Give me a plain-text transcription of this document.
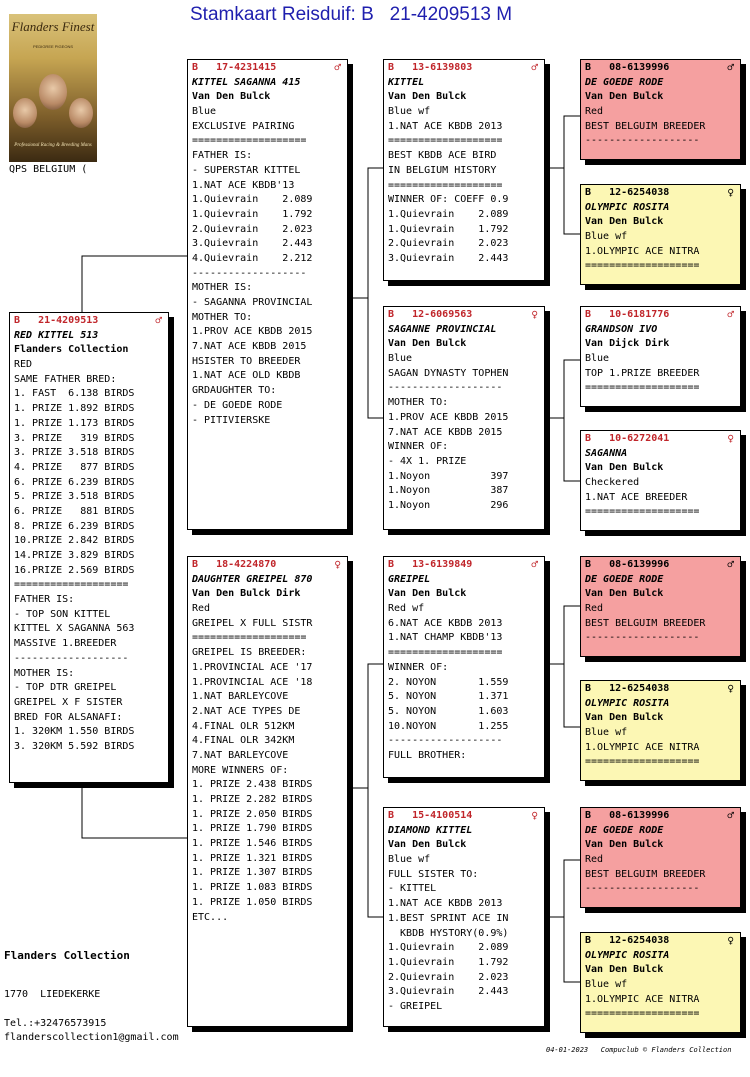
Stamkaart Reisduif: B   21-4209513 M
Flanders Finest
PEDIGREE PIGEONS
Professional Racing & Breeding Mans
QPS BELGIUM (
B   21-4209513	♂
RED KITTEL 513
Flanders Collection
RED
SAME FATHER BRED:
1. FAST  6.138 BIRDS
1. PRIZE 1.892 BIRDS
1. PRIZE 1.173 BIRDS
3. PRIZE   319 BIRDS
3. PRIZE 3.518 BIRDS
4. PRIZE   877 BIRDS
6. PRIZE 6.239 BIRDS
5. PRIZE 3.518 BIRDS
6. PRIZE   881 BIRDS
8. PRIZE 6.239 BIRDS
10.PRIZE 2.842 BIRDS
14.PRIZE 3.829 BIRDS
16.PRIZE 2.569 BIRDS
===================
FATHER IS:
- TOP SON KITTEL
KITTEL X SAGANNA 563
MASSIVE 1.BREEDER
-------------------
MOTHER IS:
- TOP DTR GREIPEL
GREIPEL X F SISTER
BRED FOR ALSANAFI:
1. 320KM 1.550 BIRDS
3. 320KM 5.592 BIRDS
B   17-4231415	♂
KITTEL SAGANNA 415
Van Den Bulck
Blue
EXCLUSIVE PAIRING
===================
FATHER IS:
- SUPERSTAR KITTEL
1.NAT ACE KBDB'13
1.Quievrain    2.089
1.Quievrain    1.792
2.Quievrain    2.023
3.Quievrain    2.443
4.Quievrain    2.212
-------------------
MOTHER IS:
- SAGANNA PROVINCIAL
MOTHER TO:
1.PROV ACE KBDB 2015
7.NAT ACE KBDB 2015
HSISTER TO BREEDER
1.NAT ACE OLD KBDB
GRDAUGHTER TO:
- DE GOEDE RODE
- PITIVIERSKE
B   18-4224870	♀
DAUGHTER GREIPEL 870
Van Den Bulck Dirk
Red
GREIPEL X FULL SISTR
===================
GREIPEL IS BREEDER:
1.PROVINCIAL ACE '17
1.PROVINCIAL ACE '18
1.NAT BARLEYCOVE
2.NAT ACE TYPES DE
4.FINAL OLR 512KM
4.FINAL OLR 342KM
7.NAT BARLEYCOVE
MORE WINNERS OF:
1. PRIZE 2.438 BIRDS
1. PRIZE 2.282 BIRDS
1. PRIZE 2.050 BIRDS
1. PRIZE 1.790 BIRDS
1. PRIZE 1.546 BIRDS
1. PRIZE 1.321 BIRDS
1. PRIZE 1.307 BIRDS
1. PRIZE 1.083 BIRDS
1. PRIZE 1.050 BIRDS
ETC...
B   13-6139803	♂
KITTEL
Van Den Bulck
Blue wf
1.NAT ACE KBDB 2013
===================
BEST KBDB ACE BIRD
IN BELGIUM HISTORY
===================
WINNER OF: COEFF 0.9
1.Quievrain    2.089
1.Quievrain    1.792
2.Quievrain    2.023
3.Quievrain    2.443
B   12-6069563	♀
SAGANNE PROVINCIAL
Van Den Bulck
Blue
SAGAN DYNASTY TOPHEN
-------------------
MOTHER TO:
1.PROV ACE KBDB 2015
7.NAT ACE KBDB 2015
WINNER OF:
- 4X 1. PRIZE
1.Noyon          397
1.Noyon          387
1.Noyon          296
B   13-6139849	♂
GREIPEL
Van Den Bulck
Red wf
6.NAT ACE KBDB 2013
1.NAT CHAMP KBDB'13
===================
WINNER OF:
2. NOYON       1.559
5. NOYON       1.371
5. NOYON       1.603
10.NOYON       1.255
-------------------
FULL BROTHER:
B   15-4100514	♀
DIAMOND KITTEL
Van Den Bulck
Blue wf
FULL SISTER TO:
- KITTEL
1.NAT ACE KBDB 2013
1.BEST SPRINT ACE IN
KBDB HYSTORY(0.9%)
1.Quievrain    2.089
1.Quievrain    1.792
2.Quievrain    2.023
3.Quievrain    2.443
- GREIPEL
B   08-6139996	♂
DE GOEDE RODE
Van Den Bulck
Red
BEST BELGUIM BREEDER
-------------------
B   12-6254038	♀
OLYMPIC ROSITA
Van Den Bulck
Blue wf
1.OLYMPIC ACE NITRA
===================
B   10-6181776	♂
GRANDSON IVO
Van Dijck Dirk
Blue
TOP 1.PRIZE BREEDER
===================
B   10-6272041	♀
SAGANNA
Van Den Bulck
Checkered
1.NAT ACE BREEDER
===================
B   08-6139996	♂
DE GOEDE RODE
Van Den Bulck
Red
BEST BELGUIM BREEDER
-------------------
B   12-6254038	♀
OLYMPIC ROSITA
Van Den Bulck
Blue wf
1.OLYMPIC ACE NITRA
===================
B   08-6139996	♂
DE GOEDE RODE
Van Den Bulck
Red
BEST BELGUIM BREEDER
-------------------
B   12-6254038	♀
OLYMPIC ROSITA
Van Den Bulck
Blue wf
1.OLYMPIC ACE NITRA
===================
Flanders Collection
1770  LIEDEKERKE
Tel.:+32476573915
flanderscollection1@gmail.com
04-01-2023   Compuclub © Flanders Collection
